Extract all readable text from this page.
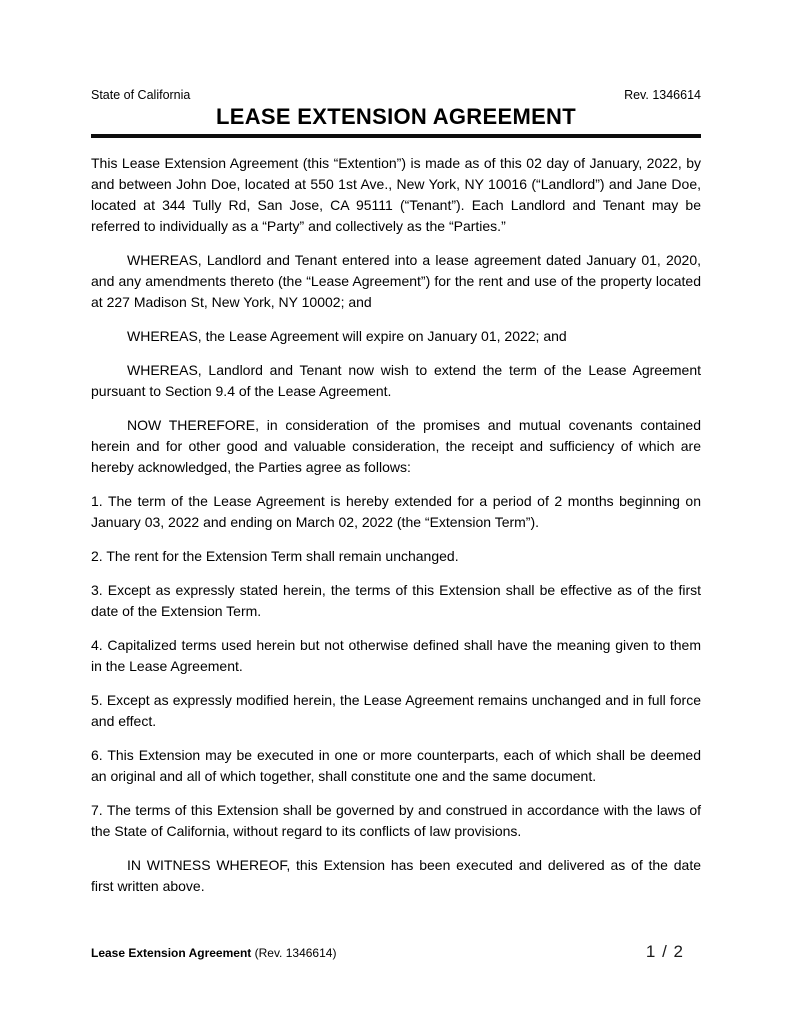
State of California	Rev. 1346614
LEASE EXTENSION AGREEMENT

This Lease Extension Agreement (this “Extention”) is made as of this 02 day of January, 2022, by and between John Doe, located at 550 1st Ave., New York, NY 10016 (“Landlord”) and Jane Doe, located at 344 Tully Rd, San Jose, CA 95111 (“Tenant”). Each Landlord and Tenant may be referred to individually as a “Party” and collectively as the “Parties.”

WHEREAS, Landlord and Tenant entered into a lease agreement dated January 01, 2020, and any amendments thereto (the “Lease Agreement”) for the rent and use of the property located at 227 Madison St, New York, NY 10002; and

WHEREAS, the Lease Agreement will expire on January 01, 2022; and

WHEREAS, Landlord and Tenant now wish to extend the term of the Lease Agreement pursuant to Section 9.4 of the Lease Agreement.

NOW THEREFORE, in consideration of the promises and mutual covenants contained herein and for other good and valuable consideration, the receipt and sufficiency of which are hereby acknowledged, the Parties agree as follows:

1. The term of the Lease Agreement is hereby extended for a period of 2 months beginning on January 03, 2022 and ending on March 02, 2022 (the “Extension Term”).

2. The rent for the Extension Term shall remain unchanged.

3. Except as expressly stated herein, the terms of this Extension shall be effective as of the first date of the Extension Term.

4. Capitalized terms used herein but not otherwise defined shall have the meaning given to them in the Lease Agreement.

5. Except as expressly modified herein, the Lease Agreement remains unchanged and in full force and effect.

6. This Extension may be executed in one or more counterparts, each of which shall be deemed an original and all of which together, shall constitute one and the same document.

7. The terms of this Extension shall be governed by and construed in accordance with the laws of the State of California, without regard to its conflicts of law provisions.

IN WITNESS WHEREOF, this Extension has been executed and delivered as of the date first written above.

Lease Extension Agreement (Rev. 1346614)	1 / 2
